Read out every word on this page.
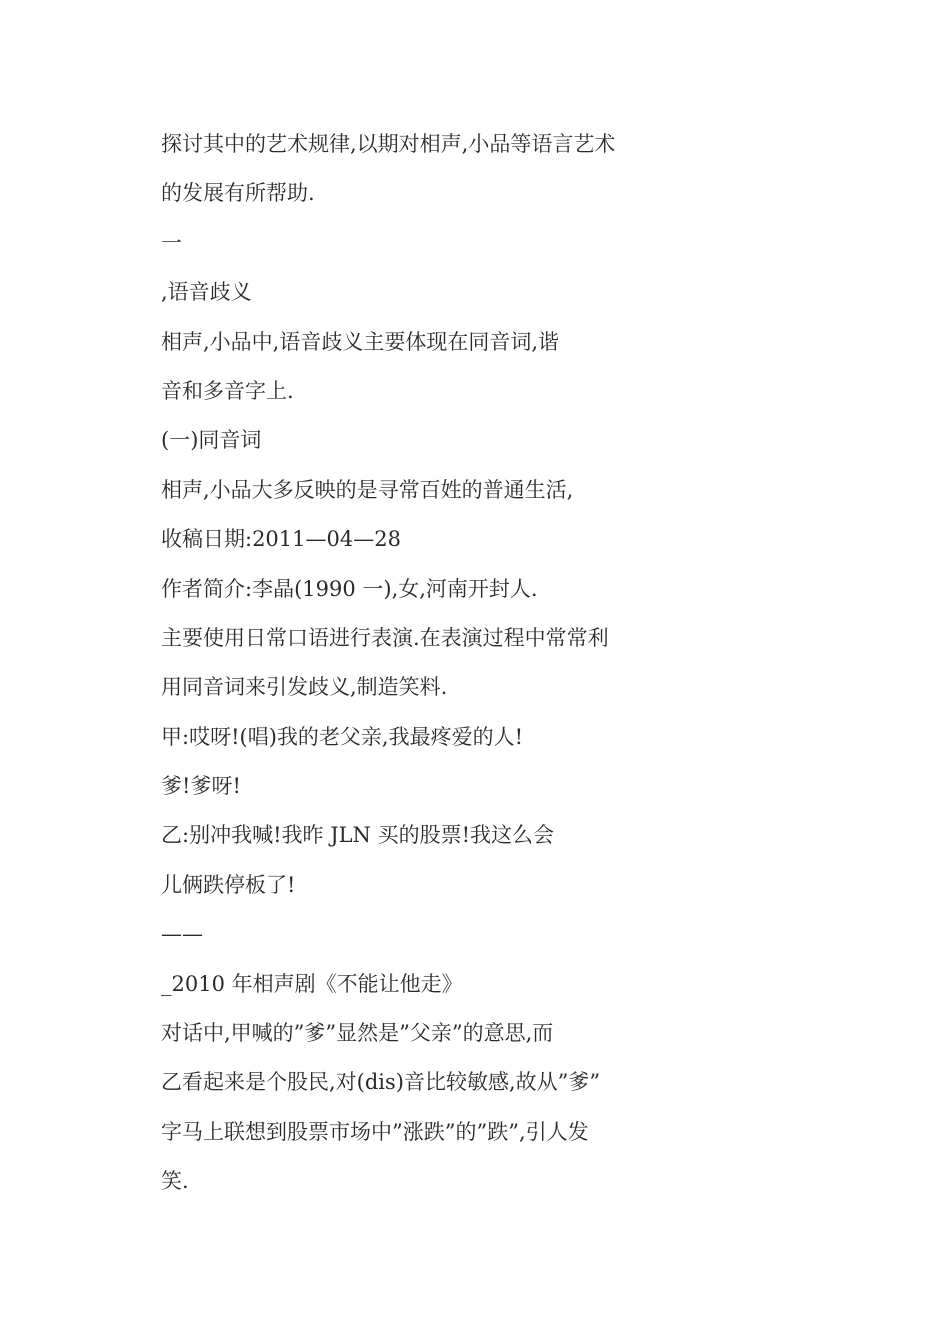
探讨其中的艺术规律,以期对相声,小品等语言艺术
的发展有所帮助.
一
,语音歧义
相声,小品中,语音歧义主要体现在同音词,谐
音和多音字上.
(一)同音词
相声,小品大多反映的是寻常百姓的普通生活,
收稿日期:2011—04—28
作者简介:李晶(1990 一),女,河南开封人.
主要使用日常口语进行表演.在表演过程中常常利
用同音词来引发歧义,制造笑料.
甲:哎呀!(唱)我的老父亲,我最疼爱的人!
爹!爹呀!
乙:别冲我喊!我昨 JLN 买的股票!我这么会
儿俩跌停板了!
——
_2010 年相声剧《不能让他走》
对话中,甲喊的”爹”显然是”父亲”的意思,而
乙看起来是个股民,对(dis)音比较敏感,故从”爹”
字马上联想到股票市场中”涨跌”的”跌”,引人发
笑.
